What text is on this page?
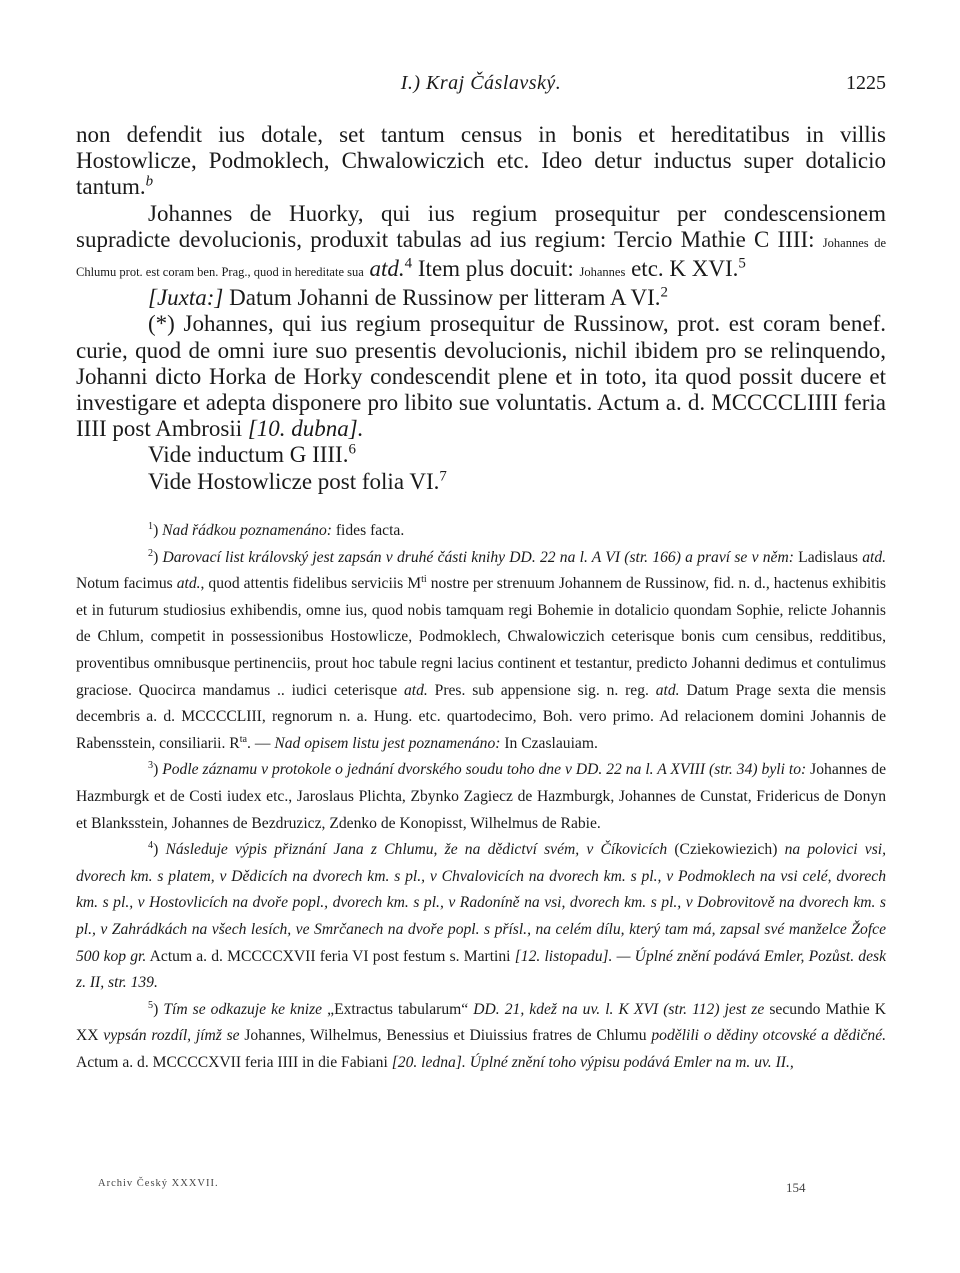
I.) Kraj Čáslavský.	1225

non defendit ius dotale, set tantum census in bonis et hereditatibus in villis Hostowlicze, Podmoklech, Chwalowiczich etc. Ideo detur inductus super dotalicio tantum.$^b$

Johannes de Huorky, qui ius regium prosequitur per condescensionem supradicte devolucionis, produxit tabulas ad ius regium: Tercio Mathie C IIII: Johannes de Chlumu prot. est coram ben. Prag., quod in hereditate sua atd.$^4$ Item plus docuit: Johannes etc. K XVI.$^5$

[Juxta:] Datum Johanni de Russinow per litteram A VI.$^2$

(*) Johannes, qui ius regium prosequitur de Russinow, prot. est coram benef. curie, quod de omni iure suo presentis devolucionis, nichil ibidem pro se relinquendo, Johanni dicto Horka de Horky condescendit plene et in toto, ita quod possit ducere et investigare et adepta disponere pro libito sue voluntatis. Actum a. d. MCCCCLIIII feria IIII post Ambrosii [10. dubna].

Vide inductum G IIII.$^6$

Vide Hostowlicze post folia VI.$^7$

$^1$) Nad řádkou poznamenáno: fides facta.

$^2$) Darovací list královský jest zapsán v druhé části knihy DD. 22 na l. A VI (str. 166) a praví se v něm: Ladislaus atd. Notum facimus atd., quod attentis fidelibus serviciis $M^{ti}$ nostre per strenuum Johannem de Russinow, fid. n. d., hactenus exhibitis et in futurum studiosius exhibendis, omne ius, quod nobis tamquam regi Bohemie in dotalicio quondam Sophie, relicte Johannis de Chlum, competit in possessionibus Hostowlicze, Podmoklech, Chwalowiczich ceterisque bonis cum censibus, redditibus, proventibus omnibusque pertinenciis, prout hoc tabule regni lacius continent et testantur, predicto Johanni dedimus et contulimus graciose. Quocirca mandamus .. iudici ceterisque atd. Pres. sub appensione sig. n. reg. atd. Datum Prage sexta die mensis decembris a. d. MCCCCLIII, regnorum n. a. Hung. etc. quartodecimo, Boh. vero primo. Ad relacionem domini Johannis de Rabensstein, consiliarii. $R^{ta}$. — Nad opisem listu jest poznamenáno: In Czaslauiam.

$^3$) Podle záznamu v protokole o jednání dvorského soudu toho dne v DD. 22 na l. A XVIII (str. 34) byli to: Johannes de Hazmburgk et de Costi iudex etc., Jaroslaus Plichta, Zbynko Zagiecz de Hazmburgk, Johannes de Cunstat, Fridericus de Donyn et Blanksstein, Johannes de Bezdruzicz, Zdenko de Konopisst, Wilhelmus de Rabie.

$^4$) Následuje výpis přiznání Jana z Chlumu, že na dědictví svém, v Číkovicích (Cziekowiezich) na polovici vsi, dvorech km. s platem, v Dědicích na dvorech km. s pl., v Chvalovicích na dvorech km. s pl., v Podmoklech na vsi celé, dvorech km. s pl., v Hostovlicích na dvoře popl., dvorech km. s pl., v Radoníně na vsi, dvorech km. s pl., v Dobrovitově na dvorech km. s pl., v Zahrádkách na všech lesích, ve Smrčanech na dvoře popl. s přísl., na celém dílu, který tam má, zapsal své manželce Žofce 500 kop gr. Actum a. d. MCCCCXVII feria VI post festum s. Martini [12. listopadu]. — Úplné znění podává Emler, Pozůst. desk z. II, str. 139.

$^5$) Tím se odkazuje ke knize „Extractus tabularum“ DD. 21, kdež na uv. l. K XVI (str. 112) jest ze secundo Mathie K XX vypsán rozdíl, jímž se Johannes, Wilhelmus, Benessius et Diuissius fratres de Chlumu podělili o dědiny otcovské a dědičné. Actum a. d. MCCCCXVII feria IIII in die Fabiani [20. ledna]. Úplné znění toho výpisu podává Emler na m. uv. II.,

Archiv Český XXXVII.	154
